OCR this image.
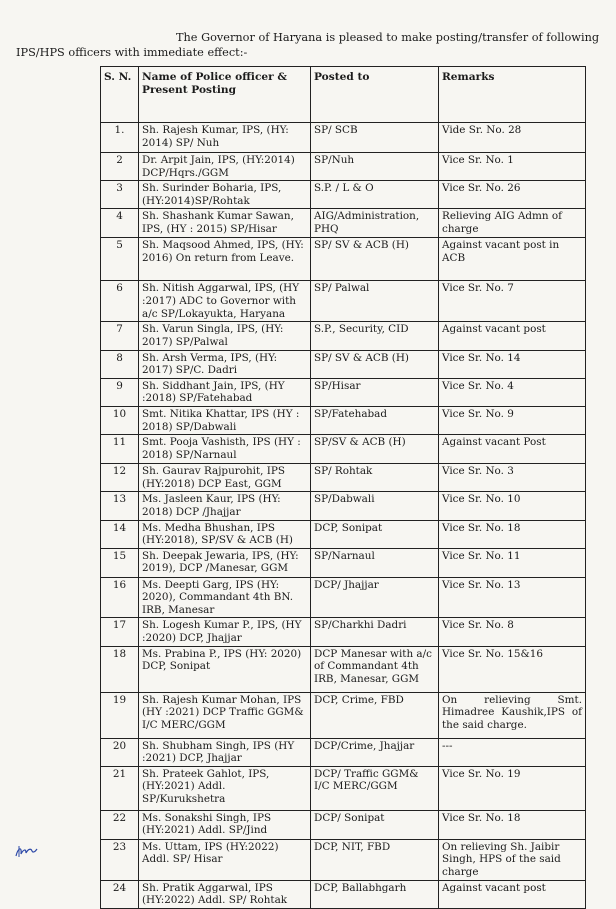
The Governor of Haryana is pleased to make posting/transfer of following IPS/HPS officers with immediate effect:-
S. N.	Name of Police officer & Present Posting	Posted to	Remarks
1.	Sh. Rajesh Kumar, IPS, (HY: 2014) SP/ Nuh	SP/ SCB	Vide Sr. No. 28
2	Dr. Arpit Jain, IPS, (HY:2014) DCP/Hqrs./GGM	SP/Nuh	Vice Sr. No. 1
3	Sh. Surinder Boharia, IPS, (HY:2014)SP/Rohtak	S.P. / L & O	Vice Sr. No. 26
4	Sh. Shashank Kumar Sawan, IPS, (HY : 2015) SP/Hisar	AIG/Administration, PHQ	Relieving AIG Admn of charge
5	Sh. Maqsood Ahmed, IPS, (HY: 2016) On return from Leave.	SP/ SV & ACB (H)	Against vacant post in ACB
6	Sh. Nitish Aggarwal, IPS, (HY :2017) ADC to Governor with a/c SP/Lokayukta, Haryana	SP/ Palwal	Vice Sr. No. 7
7	Sh. Varun Singla, IPS, (HY: 2017) SP/Palwal	S.P., Security, CID	Against vacant post
8	Sh. Arsh Verma, IPS, (HY: 2017) SP/C. Dadri	SP/ SV & ACB (H)	Vice Sr. No. 14
9	Sh. Siddhant Jain, IPS, (HY :2018) SP/Fatehabad	SP/Hisar	Vice Sr. No. 4
10	Smt. Nitika Khattar, IPS (HY : 2018) SP/Dabwali	SP/Fatehabad	Vice Sr. No. 9
11	Smt. Pooja Vashisth, IPS (HY : 2018) SP/Narnaul	SP/SV & ACB (H)	Against vacant Post
12	Sh. Gaurav Rajpurohit, IPS (HY:2018) DCP East, GGM	SP/ Rohtak	Vice Sr. No. 3
13	Ms. Jasleen Kaur, IPS (HY: 2018) DCP /Jhajjar	SP/Dabwali	Vice Sr. No. 10
14	Ms. Medha Bhushan, IPS (HY:2018), SP/SV & ACB (H)	DCP, Sonipat	Vice Sr. No. 18
15	Sh. Deepak Jewaria, IPS, (HY: 2019), DCP /Manesar, GGM	SP/Narnaul	Vice Sr. No. 11
16	Ms. Deepti Garg, IPS (HY: 2020), Commandant 4th BN. IRB, Manesar	DCP/ Jhajjar	Vice Sr. No. 13
17	Sh. Logesh Kumar P., IPS, (HY :2020) DCP, Jhajjar	SP/Charkhi Dadri	Vice Sr. No. 8
18	Ms. Prabina P., IPS (HY: 2020) DCP, Sonipat	DCP Manesar with a/c of Commandant 4th IRB, Manesar, GGM	Vice Sr. No. 15&16
19	Sh. Rajesh Kumar Mohan, IPS (HY :2021) DCP Traffic GGM& I/C MERC/GGM	DCP, Crime, FBD	On relieving Smt. Himadree Kaushik,IPS of the said charge.
20	Sh. Shubham Singh, IPS (HY :2021) DCP, Jhajjar	DCP/Crime, Jhajjar	---
21	Sh. Prateek Gahlot, IPS, (HY:2021) Addl. SP/Kurukshetra	DCP/ Traffic GGM& I/C MERC/GGM	Vice Sr. No. 19
22	Ms. Sonakshi Singh, IPS (HY:2021) Addl. SP/Jind	DCP/ Sonipat	Vice Sr. No. 18
23	Ms. Uttam, IPS (HY:2022) Addl. SP/ Hisar	DCP, NIT, FBD	On relieving Sh. Jaibir Singh, HPS of the said charge
24	Sh. Pratik Aggarwal, IPS (HY:2022) Addl. SP/ Rohtak	DCP, Ballabhgarh	Against vacant post
